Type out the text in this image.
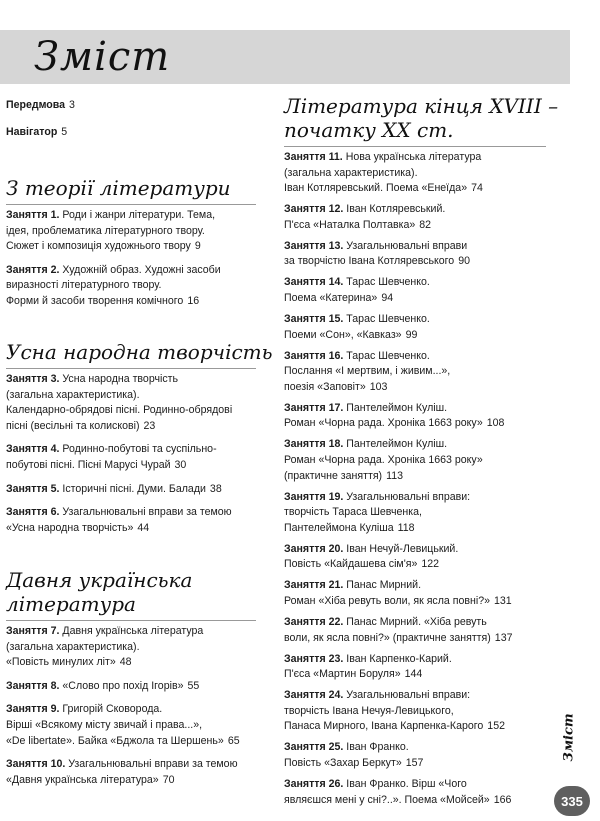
Зміст
Передмова 3
Навігатор 5
З теорії літератури
Заняття 1. Роди і жанри літератури. Тема,
ідея, проблематика літературного твору.
Сюжет і композиція художнього твору 9
Заняття 2. Художній образ. Художні засоби
виразності літературного твору.
Форми й засоби творення комічного 16
Усна народна творчість
Заняття 3. Усна народна творчість
(загальна характеристика).
Календарно-обрядові пісні. Родинно-обрядові
пісні (весільні та колискові) 23
Заняття 4. Родинно-побутові та суспільно-
побутові пісні. Пісні Марусі Чурай 30
Заняття 5. Історичні пісні. Думи. Балади 38
Заняття 6. Узагальнювальні вправи за темою
«Усна народна творчість» 44
Давня українська література
Заняття 7. Давня українська література
(загальна характеристика).
«Повість минулих літ» 48
Заняття 8. «Слово про похід Ігорів» 55
Заняття 9. Григорій Сковорода.
Вірші «Всякому місту звичай і права...»,
«De libertate». Байка «Бджола та Шершень» 65
Заняття 10. Узагальнювальні вправи за темою
«Давня українська література» 70
Література кінця XVIII –
початку XX ст.
Заняття 11. Нова українська література
(загальна характеристика).
Іван Котляревський. Поема «Енеїда» 74
Заняття 12. Іван Котляревський.
П'єса «Наталка Полтавка» 82
Заняття 13. Узагальнювальні вправи
за творчістю Івана Котляревського 90
Заняття 14. Тарас Шевченко.
Поема «Катерина» 94
Заняття 15. Тарас Шевченко.
Поеми «Сон», «Кавказ» 99
Заняття 16. Тарас Шевченко.
Послання «І мертвим, і живим...»,
поезія «Заповіт» 103
Заняття 17. Пантелеймон Куліш.
Роман «Чорна рада. Хроніка 1663 року» 108
Заняття 18. Пантелеймон Куліш.
Роман «Чорна рада. Хроніка 1663 року»
(практичне заняття) 113
Заняття 19. Узагальнювальні вправи:
творчість Тараса Шевченка,
Пантелеймона Куліша 118
Заняття 20. Іван Нечуй-Левицький.
Повість «Кайдашева сім'я» 122
Заняття 21. Панас Мирний.
Роман «Хіба ревуть воли, як ясла повні?» 131
Заняття 22. Панас Мирний. «Хіба ревуть
воли, як ясла повні?» (практичне заняття) 137
Заняття 23. Іван Карпенко-Карий.
П'єса «Мартин Боруля» 144
Заняття 24. Узагальнювальні вправи:
творчість Івана Нечуя-Левицького,
Панаса Мирного, Івана Карпенка-Карого 152
Заняття 25. Іван Франко.
Повість «Захар Беркут» 157
Заняття 26. Іван Франко. Вірш «Чого
являєшся мені у сні?..». Поема «Мойсей» 166
Зміст
335
